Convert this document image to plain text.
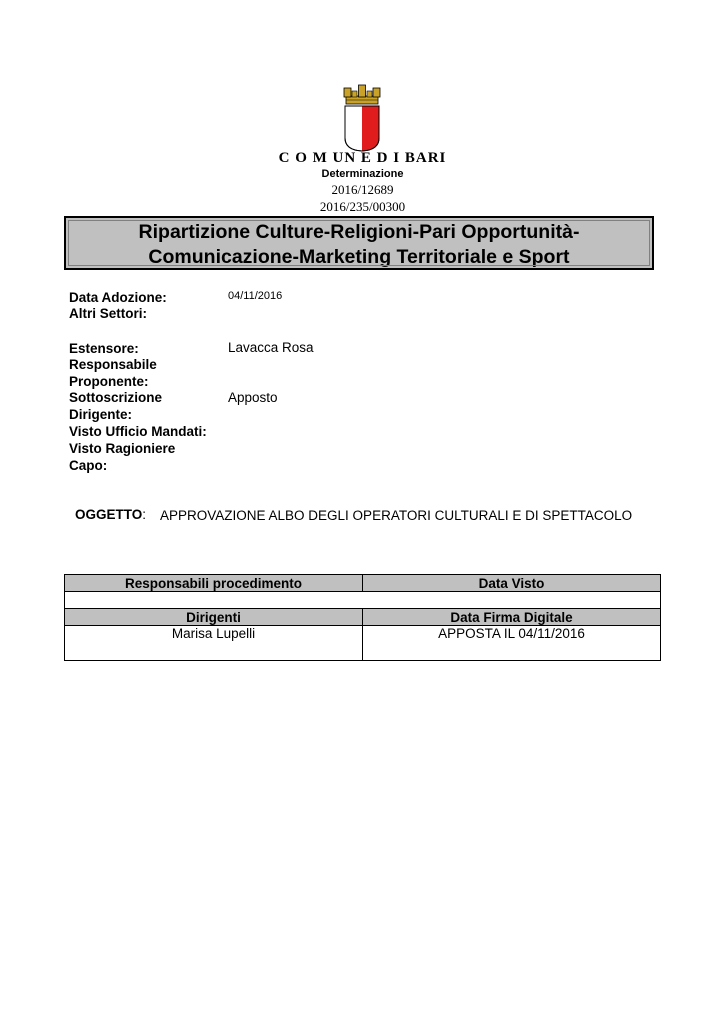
C O M UN E D I BARI
Determinazione
2016/12689
2016/235/00300
Ripartizione Culture-Religioni-Pari Opportunità-
Comunicazione-Marketing Territoriale e Sport
Data Adozione:	04/11/2016
Altri Settori:
Estensore:	Lavacca Rosa
Responsabile
Proponente:
Sottoscrizione	Apposto
Dirigente:
Visto Ufficio Mandati:
Visto Ragioniere
Capo:
OGGETTO: APPROVAZIONE ALBO DEGLI OPERATORI CULTURALI E DI SPETTACOLO
Responsabili procedimento	Data Visto

Dirigenti	Data Firma Digitale
Marisa Lupelli	APPOSTA IL 04/11/2016
